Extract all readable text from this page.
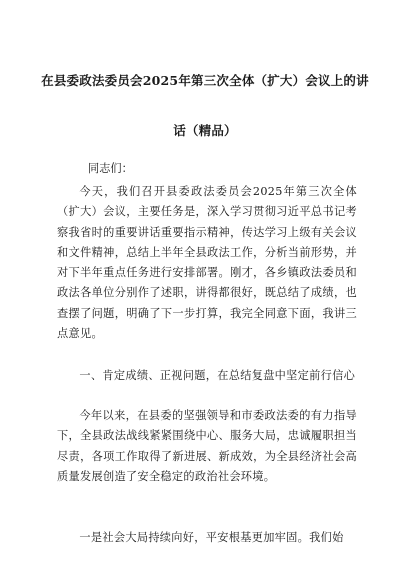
在县委政法委员会2025年第三次全体（扩大）会议上的讲
话（精品）
同志们：
今天，我们召开县委政法委员会2025年第三次全体（扩大）会议，主要任务是，深入学习贯彻习近平总书记考察我省时的重要讲话重要指示精神，传达学习上级有关会议和文件精神，总结上半年全县政法工作，分析当前形势，并对下半年重点任务进行安排部署。刚才，各乡镇政法委员和政法各单位分别作了述职，讲得都很好，既总结了成绩，也查摆了问题，明确了下一步打算，我完全同意下面，我讲三点意见。
一、肯定成绩、正视问题，在总结复盘中坚定前行信心
今年以来，在县委的坚强领导和市委政法委的有力指导下，全县政法战线紧紧围绕中心、服务大局，忠诚履职担当尽责，各项工作取得了新进展、新成效，为全县经济社会高质量发展创造了安全稳定的政治社会环境。
一是社会大局持续向好，平安根基更加牢固。我们始
